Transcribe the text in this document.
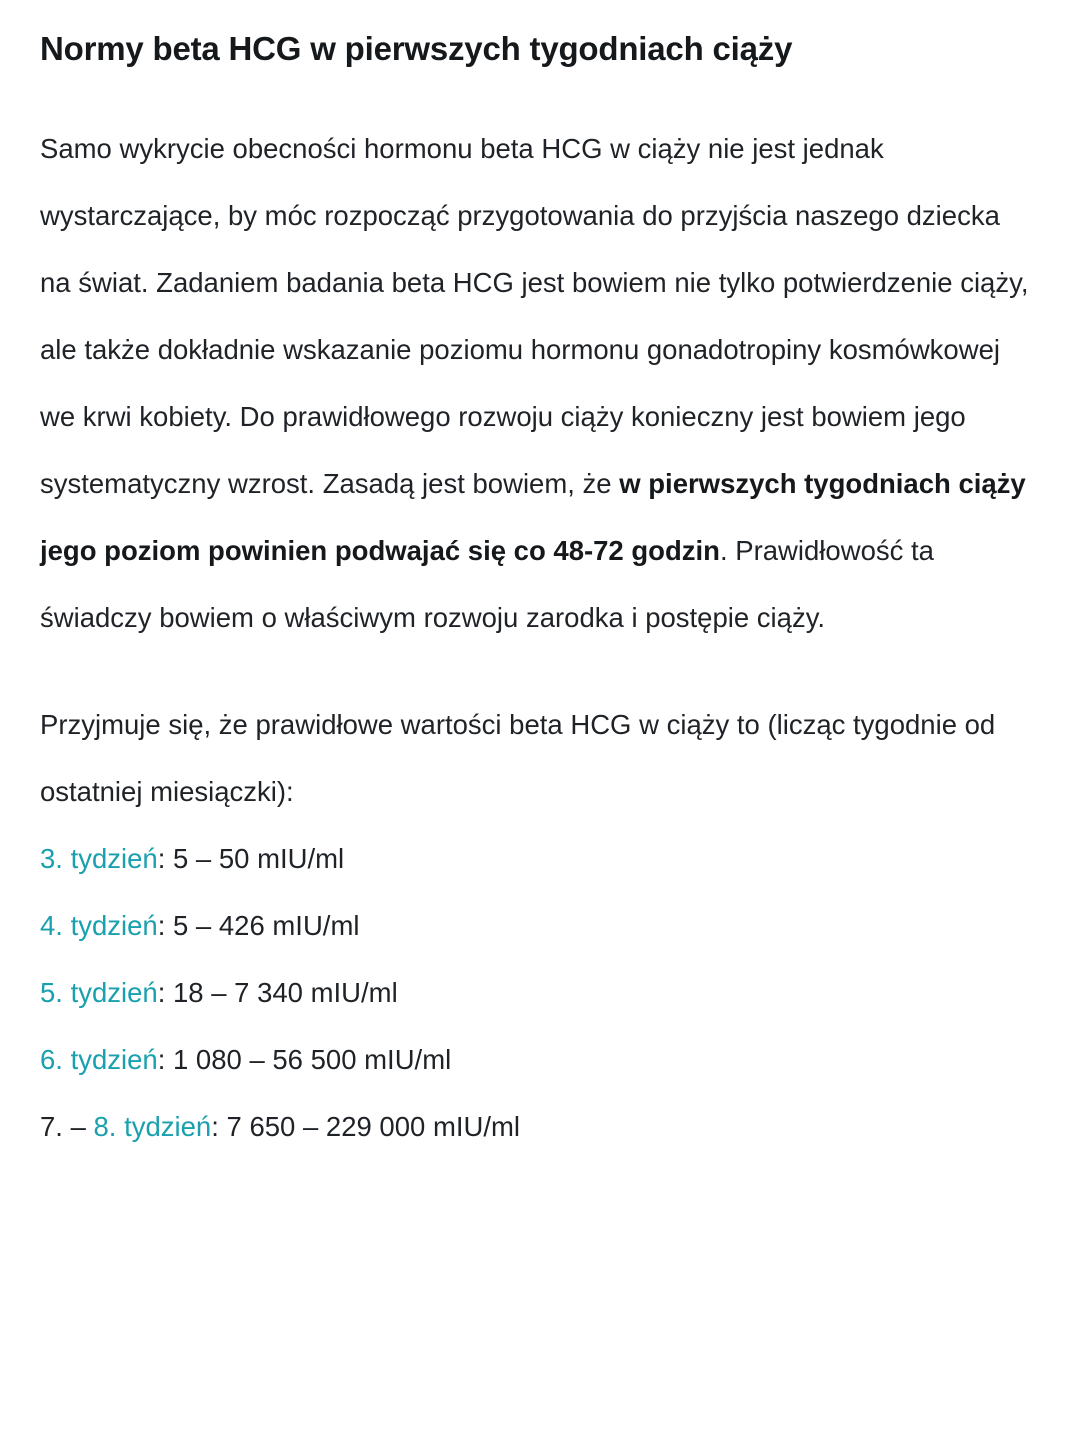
Normy beta HCG w pierwszych tygodniach ciąży

Samo wykrycie obecności hormonu beta HCG w ciąży nie jest jednak wystarczające, by móc rozpocząć przygotowania do przyjścia naszego dziecka na świat. Zadaniem badania beta HCG jest bowiem nie tylko potwierdzenie ciąży, ale także dokładnie wskazanie poziomu hormonu gonadotropiny kosmówkowej we krwi kobiety. Do prawidłowego rozwoju ciąży konieczny jest bowiem jego systematyczny wzrost. Zasadą jest bowiem, że w pierwszych tygodniach ciąży jego poziom powinien podwajać się co 48-72 godzin. Prawidłowość ta świadczy bowiem o właściwym rozwoju zarodka i postępie ciąży.

Przyjmuje się, że prawidłowe wartości beta HCG w ciąży to (licząc tygodnie od ostatniej miesiączki):

3. tydzień: 5 – 50 mIU/ml
4. tydzień: 5 – 426 mIU/ml
5. tydzień: 18 – 7 340 mIU/ml
6. tydzień: 1 080 – 56 500 mIU/ml
7. – 8. tydzień: 7 650 – 229 000 mIU/ml
